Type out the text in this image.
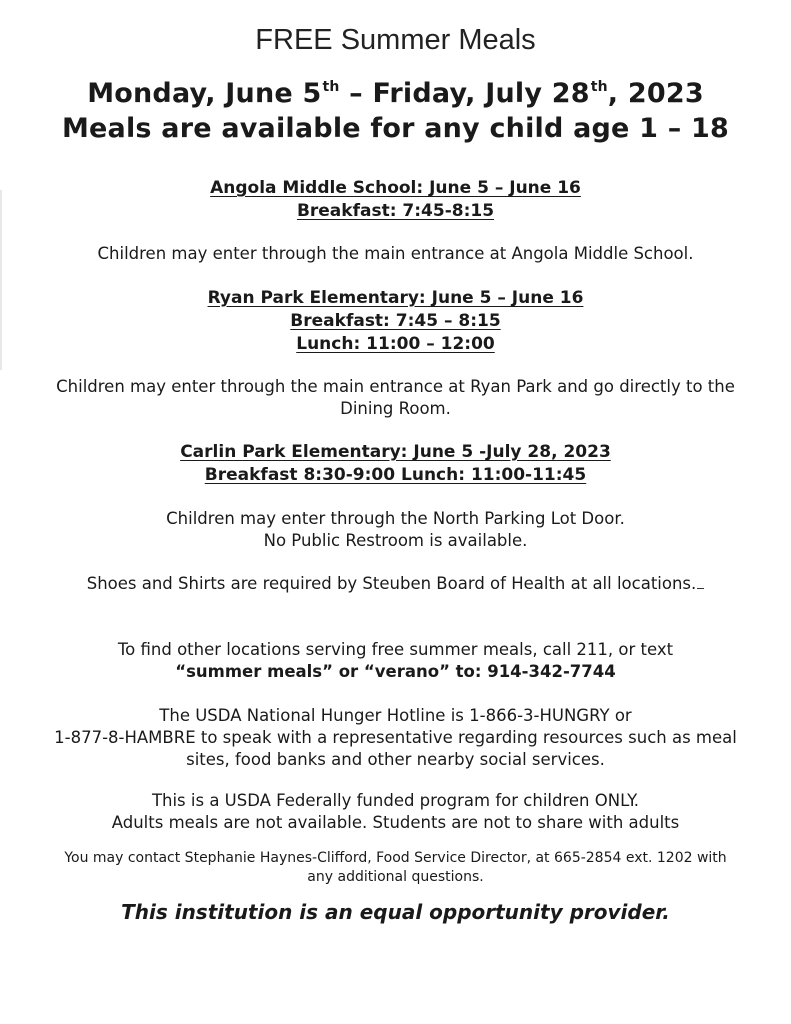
FREE Summer Meals
Monday, June 5th – Friday, July 28th, 2023
Meals are available for any child age 1 – 18
Angola Middle School: June 5 – June 16
Breakfast: 7:45-8:15
Children may enter through the main entrance at Angola Middle School.
Ryan Park Elementary: June 5 – June 16
Breakfast: 7:45 – 8:15
Lunch: 11:00 – 12:00
Children may enter through the main entrance at Ryan Park and go directly to the
Dining Room.
Carlin Park Elementary: June 5 -July 28, 2023
Breakfast 8:30-9:00 Lunch: 11:00-11:45
Children may enter through the North Parking Lot Door.
No Public Restroom is available.
Shoes and Shirts are required by Steuben Board of Health at all locations.
To find other locations serving free summer meals, call 211, or text
“summer meals” or “verano” to: 914-342-7744
The USDA National Hunger Hotline is 1-866-3-HUNGRY or
1-877-8-HAMBRE to speak with a representative regarding resources such as meal
sites, food banks and other nearby social services.
This is a USDA Federally funded program for children ONLY.
Adults meals are not available. Students are not to share with adults
You may contact Stephanie Haynes-Clifford, Food Service Director, at 665-2854 ext. 1202 with
any additional questions.
This institution is an equal opportunity provider.
